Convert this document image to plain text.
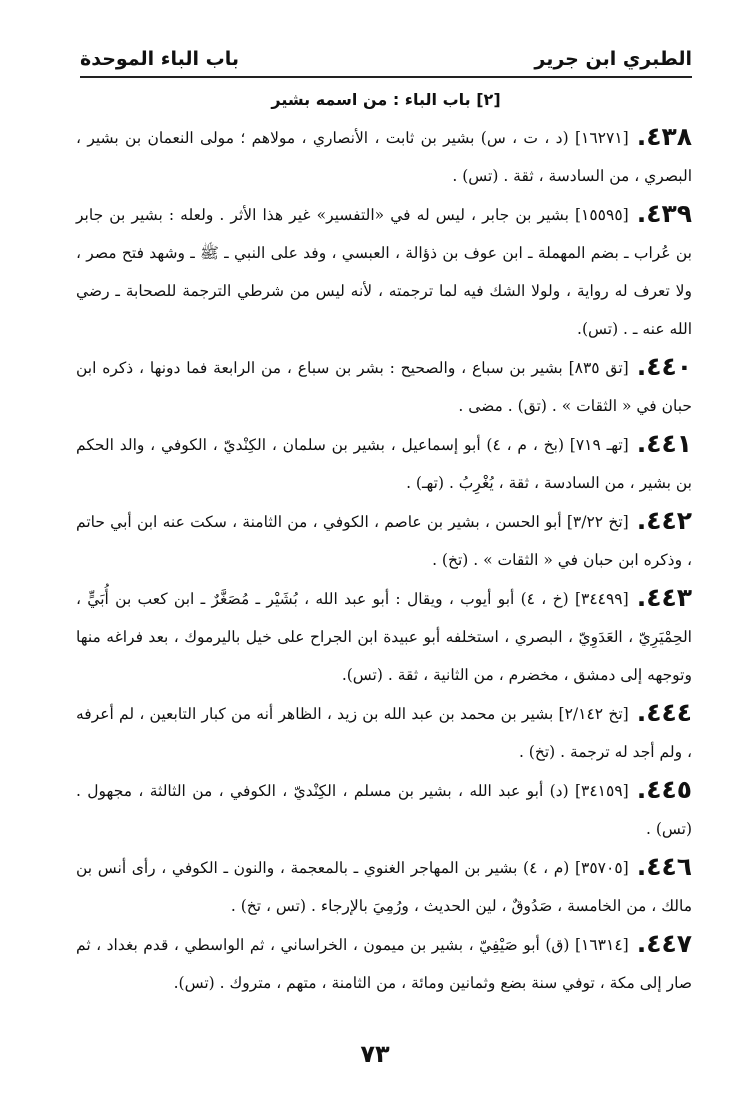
الطبري ابن جرير
باب الباء الموحدة
[٢] باب الباء : من اسمه بشير

٤٣٨.[١٦٢٧١] (د ، ت ، س) بشير بن ثابت ، الأنصاري ، مولاهم ؛ مولى النعمان بن بشير ، البصري ، من السادسة ، ثقة . (تس) .

٤٣٩.[١٥٥٩٥] بشير بن جابر ، ليس له في «التفسير» غير هذا الأثر . ولعله : بشير بن جابر بن عُراب ـ بضم المهملة ـ ابن عوف بن ذؤالة ، العبسي ، وفد على النبي ـ ﷺ ـ وشهد فتح مصر ، ولا تعرف له رواية ، ولولا الشك فيه لما ترجمته ، لأنه ليس من شرطي الترجمة للصحابة ـ رضي الله عنه ـ . (تس).

٤٤٠.[تق ٨٣٥] بشير بن سباع ، والصحيح : بشر بن سباع ، من الرابعة فما دونها ، ذكره ابن حبان في « الثقات » . (تق) . مضى .

٤٤١.[تهـ ٧١٩] (بخ ، م ، ٤) أبو إسماعيل ، بشير بن سلمان ، الكِنْديّ ، الكوفي ، والد الحكم بن بشير ، من السادسة ، ثقة ، يُغْرِبُ . (تهـ) .

٤٤٢.[تخ ٣/٢٢] أبو الحسن ، بشير بن عاصم ، الكوفي ، من الثامنة ، سكت عنه ابن أبي حاتم ، وذكره ابن حبان في « الثقات » . (تخ) .

٤٤٣.[٣٤٤٩٩] (خ ، ٤) أبو أيوب ، ويقال : أبو عبد الله ، بُشَيْر ـ مُصَغَّرٌ ـ ابن كعب بن أُبَيٍّ ، الحِمْيَرِيّ ، العَدَوِيّ ، البصري ، استخلفه أبو عبيدة ابن الجراح على خيل باليرموك ، بعد فراغه منها وتوجهه إلى دمشق ، مخضرم ، من الثانية ، ثقة . (تس).

٤٤٤.[تخ ٢/١٤٢] بشير بن محمد بن عبد الله بن زيد ، الظاهر أنه من كبار التابعين ، لم أعرفه ، ولم أجد له ترجمة . (تخ) .

٤٤٥.[٣٤١٥٩] (د) أبو عبد الله ، بشير بن مسلم ، الكِنْديّ ، الكوفي ، من الثالثة ، مجهول . (تس) .

٤٤٦.[٣٥٧٠٥] (م ، ٤) بشير بن المهاجر الغنوي ـ بالمعجمة ، والنون ـ الكوفي ، رأى أنس بن مالك ، من الخامسة ، صَدُوقٌ ، لين الحديث ، ورُمِيَ بالإرجاء . (تس ، تخ) .

٤٤٧.[١٦٣١٤] (ق) أبو صَيْفِيّ ، بشير بن ميمون ، الخراساني ، ثم الواسطي ، قدم بغداد ، ثم صار إلى مكة ، توفي سنة بضع وثمانين ومائة ، من الثامنة ، متهم ، متروك . (تس).

٧٣
